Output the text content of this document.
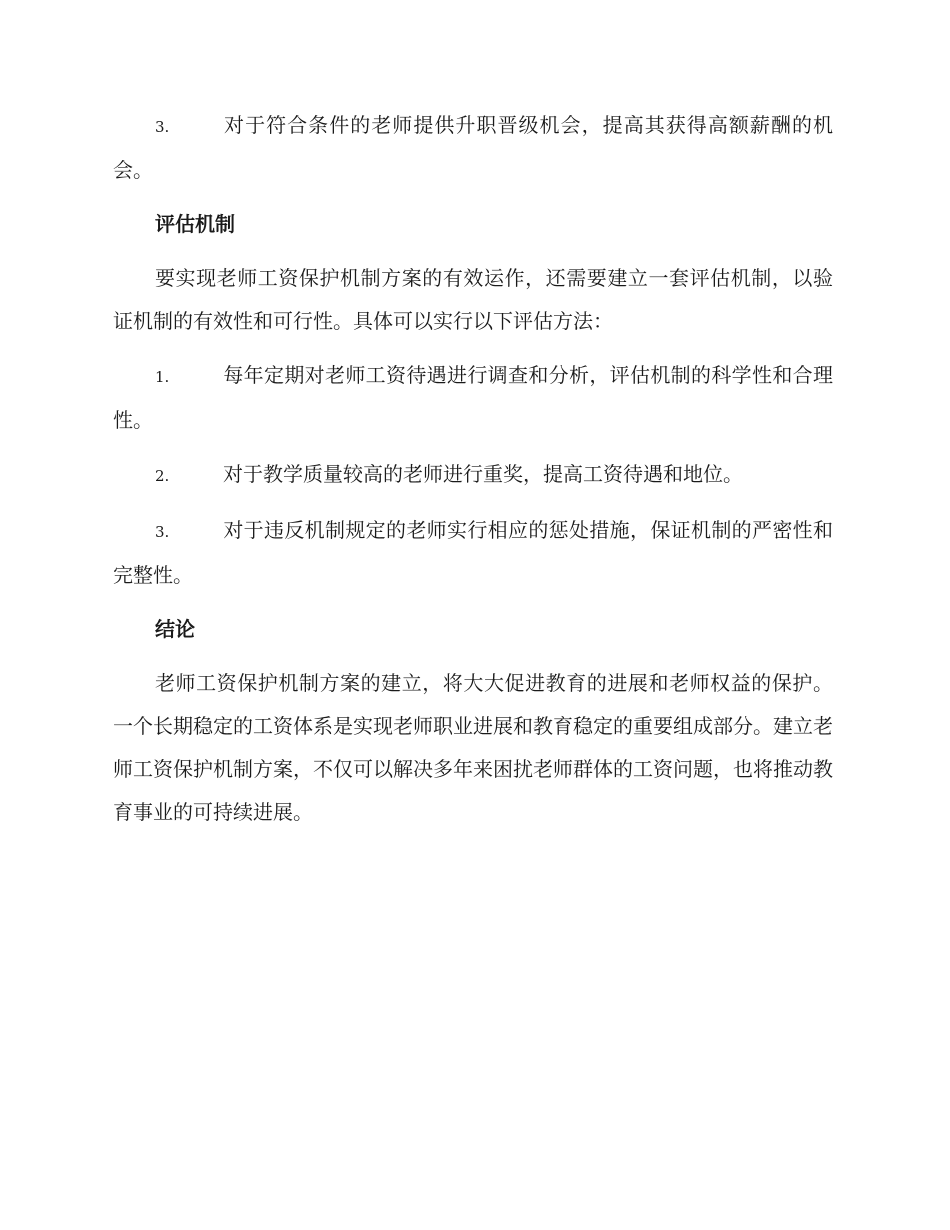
3.	对于符合条件的老师提供升职晋级机会，提高其获得高额薪酬的机会。

评估机制

要实现老师工资保护机制方案的有效运作，还需要建立一套评估机制，以验证机制的有效性和可行性。具体可以实行以下评估方法：

1.	每年定期对老师工资待遇进行调查和分析，评估机制的科学性和合理性。

2.	对于教学质量较高的老师进行重奖，提高工资待遇和地位。

3.	对于违反机制规定的老师实行相应的惩处措施，保证机制的严密性和完整性。

结论

老师工资保护机制方案的建立，将大大促进教育的进展和老师权益的保护。一个长期稳定的工资体系是实现老师职业进展和教育稳定的重要组成部分。建立老师工资保护机制方案，不仅可以解决多年来困扰老师群体的工资问题，也将推动教育事业的可持续进展。
